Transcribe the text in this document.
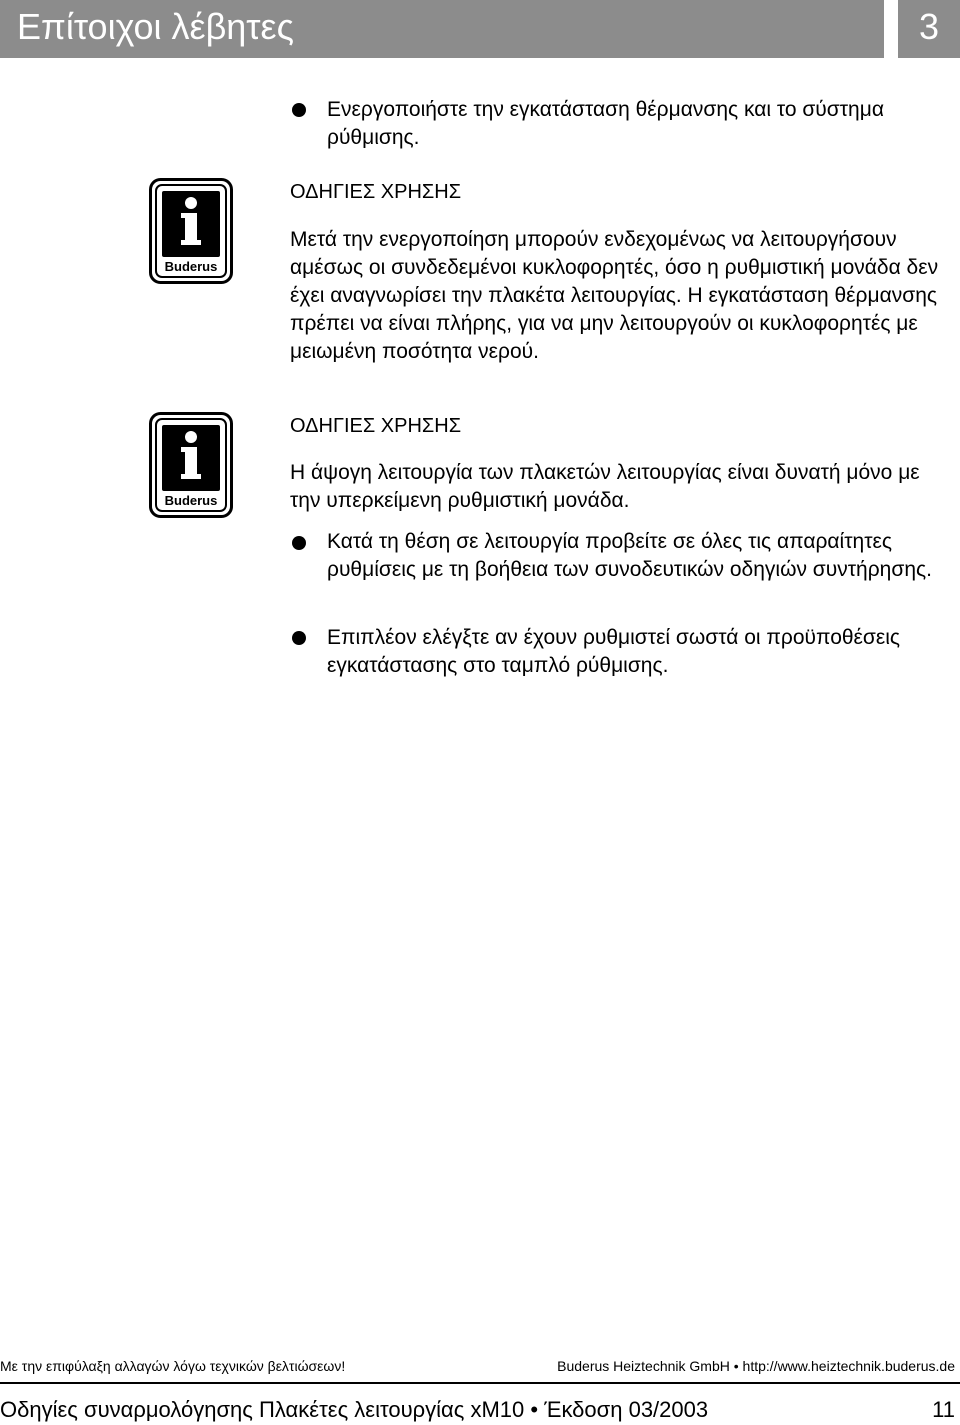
Επίτοιχοι λέβητες	3
Ενεργοποιήστε την εγκατάσταση θέρμανσης και το σύστημα ρύθμισης.
Buderus
ΟΔΗΓΙΕΣ ΧΡΗΣΗΣ
Μετά την ενεργοποίηση μπορούν ενδεχομένως να λειτουργήσουν αμέσως οι συνδεδεμένοι κυκλοφορητές, όσο η ρυθμιστική μονάδα δεν έχει αναγνωρίσει την πλακέτα λειτουργίας. Η εγκατάσταση θέρμανσης πρέπει να είναι πλήρης, για να μην λειτουργούν οι κυκλοφορητές με μειωμένη ποσότητα νερού.
Buderus
ΟΔΗΓΙΕΣ ΧΡΗΣΗΣ
Η άψογη λειτουργία των πλακετών λειτουργίας είναι δυνατή μόνο με την υπερκείμενη ρυθμιστική μονάδα.
Κατά τη θέση σε λειτουργία προβείτε σε όλες τις απαραίτητες ρυθμίσεις με τη βοήθεια των συνοδευτικών οδηγιών συντήρησης.
Επιπλέον ελέγξτε αν έχουν ρυθμιστεί σωστά οι προϋποθέσεις εγκατάστασης στο ταμπλό ρύθμισης.
Με την επιφύλαξη αλλαγών λόγω τεχνικών βελτιώσεων!	Buderus Heiztechnik GmbH • http://www.heiztechnik.buderus.de
Οδηγίες συναρμολόγησης Πλακέτες λειτουργίας xM10 • Έκδοση 03/2003	11
